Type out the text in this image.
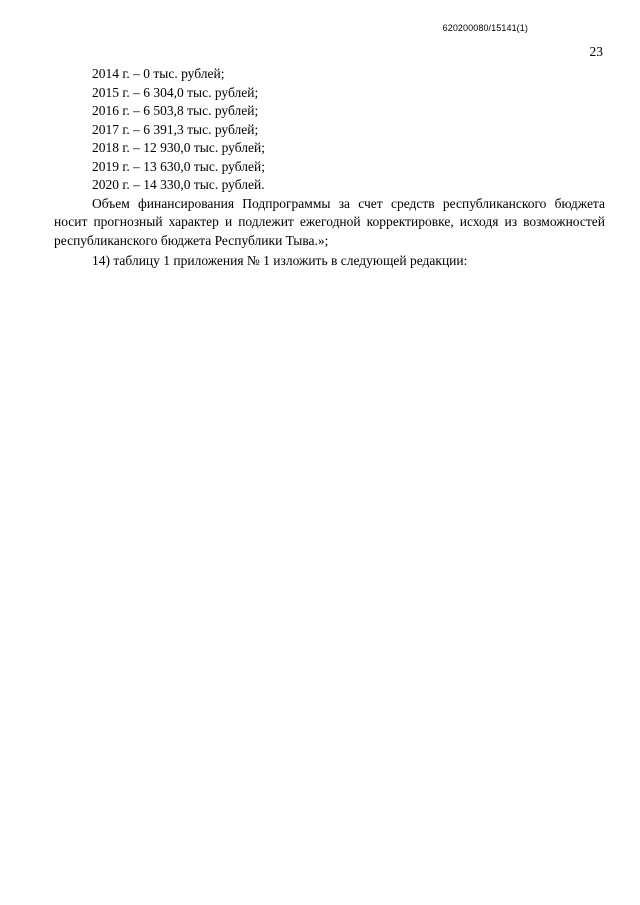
620200080/15141(1)
23
2014 г. – 0 тыс. рублей;
2015 г. – 6 304,0 тыс. рублей;
2016 г. – 6 503,8 тыс. рублей;
2017 г. – 6 391,3 тыс. рублей;
2018 г. – 12 930,0 тыс. рублей;
2019 г. – 13 630,0 тыс. рублей;
2020 г. – 14 330,0 тыс. рублей.

Объем финансирования Подпрограммы за счет средств республиканского бюджета носит прогнозный характер и подлежит ежегодной корректировке, исходя из возможностей республиканского бюджета Республики Тыва.»;

14) таблицу 1 приложения № 1 изложить в следующей редакции:
